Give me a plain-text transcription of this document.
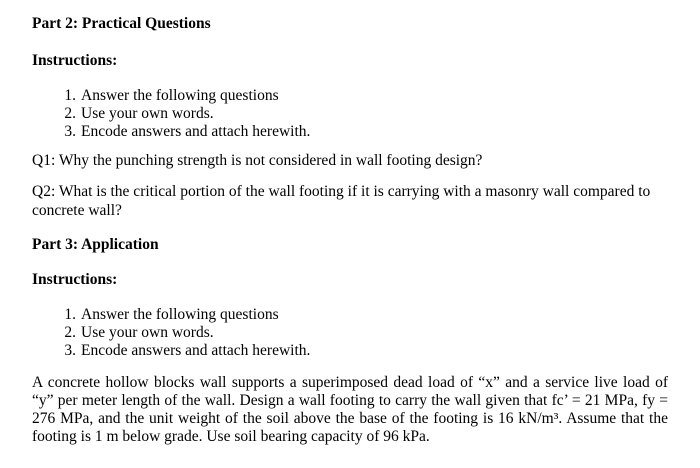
Part 2: Practical Questions

Instructions:

1. Answer the following questions
2. Use your own words.
3. Encode answers and attach herewith.

Q1: Why the punching strength is not considered in wall footing design?

Q2: What is the critical portion of the wall footing if it is carrying with a masonry wall compared to concrete wall?

Part 3: Application

Instructions:

1. Answer the following questions
2. Use your own words.
3. Encode answers and attach herewith.

A concrete hollow blocks wall supports a superimposed dead load of “x” and a service live load of “y” per meter length of the wall. Design a wall footing to carry the wall given that fc’ = 21 MPa, fy = 276 MPa, and the unit weight of the soil above the base of the footing is 16 kN/m³. Assume that the footing is 1 m below grade. Use soil bearing capacity of 96 kPa.
